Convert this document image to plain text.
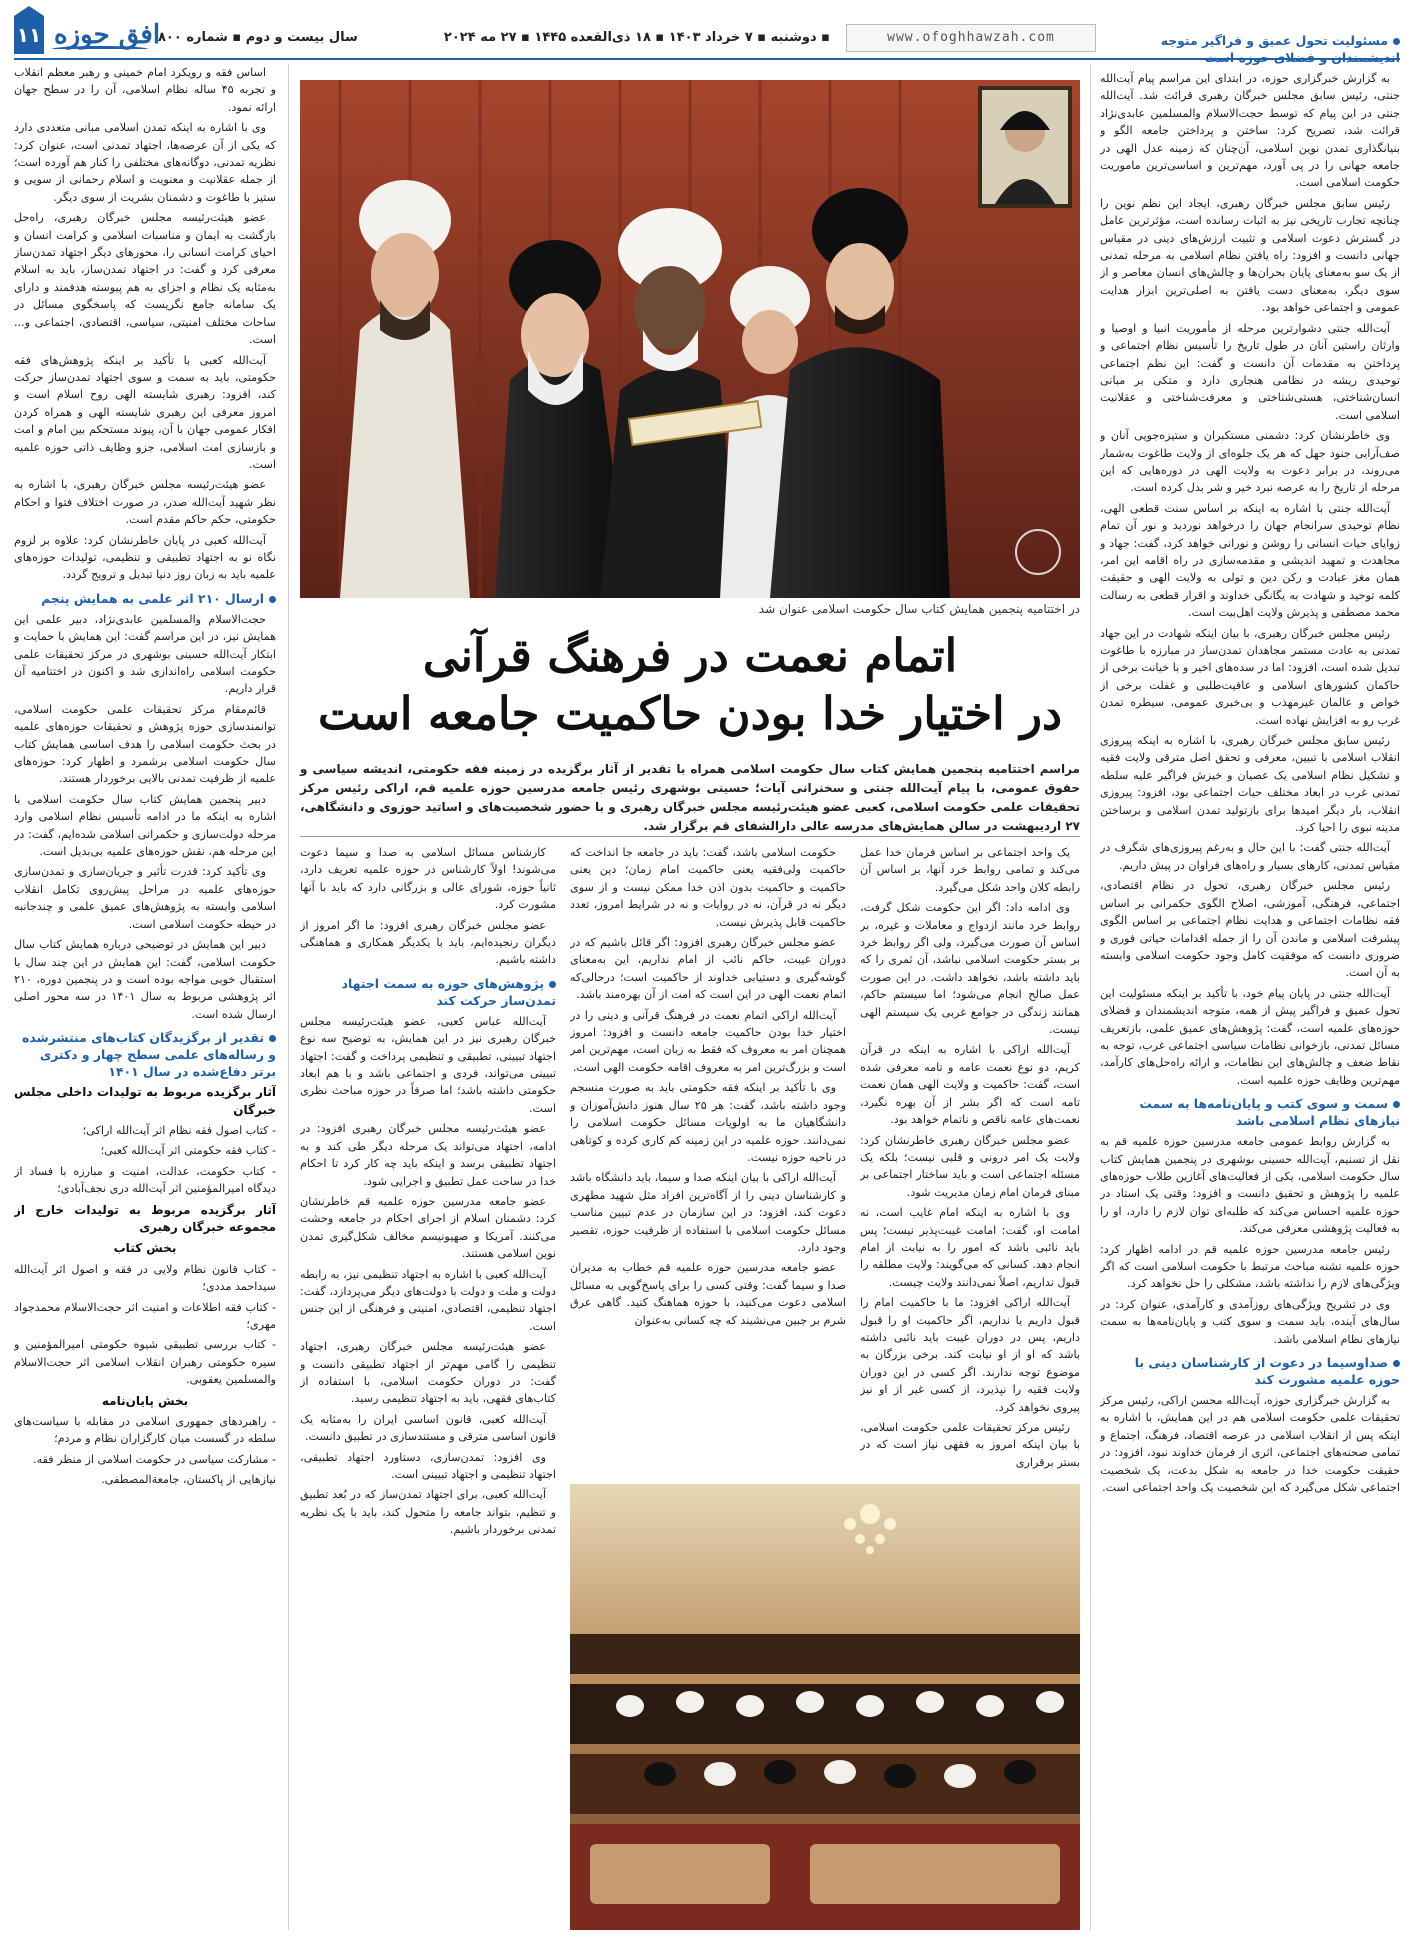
۱۱ افق حوزه
سال بیست و دوم ▪ شماره ۸۰۰	▪ دوشنبه ▪ ۷ خرداد ۱۴۰۳ ▪ ۱۸ ذی‌القعده ۱۴۴۵ ▪ ۲۷ مه ۲۰۲۴	www.ofoghhawzah.com	مسئولیت تحول عمیق و فراگیر متوجه اندیشمندان و فضلای حوزه است

به گزارش خبرگزاری حوزه، در ابتدای این مراسم پیام آیت‌الله جنتی، رئیس سابق مجلس خبرگان رهبری قرائت شد. آیت‌الله جنتی در این پیام که توسط حجت‌الاسلام والمسلمین عابدی‌نژاد قرائت شد، تصریح کرد: ساختن و پرداختن جامعه الگو و بنیانگذاری تمدن نوین اسلامی، آن‌چنان که زمینه عدل الهی در جامعه جهانی را در پی آورد، مهم‌ترین و اساسی‌ترین ماموریت حکومت اسلامی است.

رئیس سابق مجلس خبرگان رهبری، ایجاد این نظم نوین را چنانچه تجارب تاریخی نیز به اثبات رسانده است، مؤثرترین عامل در گسترش دعوت اسلامی و تثبیت ارزش‌های دینی در مقیاس جهانی دانست و افزود: راه یافتن نظام اسلامی به مرحله تمدنی از یک سو به‌معنای پایان بحران‌ها و چالش‌های انسان معاصر و از سوی دیگر، به‌معنای دست یافتن به اصلی‌ترین ابزار هدایت عمومی و اجتماعی خواهد بود.

آیت‌الله جنتی دشوارترین مرحله از مأموریت انبیا و اوصیا و وارثان راستین آنان در طول تاریخ را تأسیس نظام اجتماعی و پرداختن به مقدمات آن دانست و گفت: این نظم اجتماعی توحیدی ریشه در نظامی هنجاری دارد و متکی بر مبانی انسان‌شناختی، هستی‌شناختی و معرفت‌شناختی و عقلانیت اسلامی است.

وی خاطرنشان کرد: دشمنی مستکبران و ستیزه‌جویی آنان و صف‌آرایی جنود جهل که هر یک جلوه‌ای از ولایت طاغوت به‌شمار می‌روند، در برابر دعوت به ولایت الهی در دوره‌هایی که این مرحله از تاریخ را به عرصه نبرد خیر و شر بدل کرده است.

آیت‌الله جنتی با اشاره به اینکه بر اساس سنت قطعی الهی، نظام توحیدی سرانجام جهان را درخواهد نوردید و نور آن تمام زوایای حیات انسانی را روشن و نورانی خواهد کرد، گفت: جهاد و مجاهدت و تمهید اندیشی و مقدمه‌سازی در راه اقامه این امر، همان مغز عبادت و رکن دین و تولی به ولایت الهی و حقیقت کلمه توحید و شهادت به یگانگی خداوند و اقرار قطعی به رسالت محمد مصطفی و پذیرش ولایت اهل‌بیت است.

رئیس مجلس خبرگان رهبری، با بیان اینکه شهادت در این جهاد تمدنی به عادت مستمر مجاهدان تمدن‌ساز در مبارزه با طاغوت تبدیل شده است، افزود: اما در سده‌های اخیر و با خیانت برخی از حاکمان کشورهای اسلامی و عافیت‌طلبی و غفلت برخی از خواص و عالمان غیرمهذب و بی‌خبری عمومی، سیطره تمدن غرب رو به افزایش نهاده است.

رئیس سابق مجلس خبرگان رهبری، با اشاره به اینکه پیروزی انقلاب اسلامی با تبیین، معرفی و تحقق اصل مترقی ولایت فقیه و تشکیل نظام اسلامی یک عصیان و خیزش فراگیر علیه سلطه تمدنی غرب در ابعاد مختلف حیات اجتماعی بود، افزود: پیروزی انقلاب، بار دیگر امیدها برای بازتولید تمدن اسلامی و برساختن مدینه نبوی را احیا کرد.

آیت‌الله جنتی گفت: با این حال و به‌رغم پیروزی‌های شگرف در مقیاس تمدنی، کارهای بسیار و راه‌های فراوان در پیش داریم.

رئیس مجلس خبرگان رهبری، تحول در نظام اقتصادی، اجتماعی، فرهنگی، آموزشی، اصلاح الگوی حکمرانی بر اساس فقه نظامات اجتماعی و هدایت نظام اجتماعی بر اساس الگوی پیشرفت اسلامی و ماندن آن را از جمله اقدامات حیاتی فوری و ضروری دانست که موفقیت کامل وجود حکومت اسلامی وابسته به آن است.

آیت‌الله جنتی در پایان پیام خود، با تأکید بر اینکه مسئولیت این تحول عمیق و فراگیر پیش از همه، متوجه اندیشمندان و فضلای حوزه‌های علمیه است، گفت: پژوهش‌های عمیق علمی، بازتعریف مسائل تمدنی، بازخوانی نظامات سیاسی اجتماعی غرب، توجه به نقاط ضعف و چالش‌های این نظامات، و ارائه راه‌حل‌های کارآمد، مهم‌ترین وظایف حوزه علمیه است.

سمت و سوی کتب و پایان‌نامه‌ها به سمت نیازهای نظام اسلامی باشد

به گزارش روابط عمومی جامعه مدرسین حوزه علمیه قم به نقل از تسنیم، آیت‌الله حسینی بوشهری در پنجمین همایش کتاب سال حکومت اسلامی، یکی از فعالیت‌های آغازین طلاب حوزه‌های علمیه را پژوهش و تحقیق دانست و افزود: وقتی یک استاد در حوزه علمیه احساس می‌کند که طلبه‌ای توان لازم را دارد، او را به فعالیت پژوهشی معرفی می‌کند.

رئیس جامعه مدرسین حوزه علمیه قم در ادامه اظهار کرد: حوزه علمیه تشنه مباحث مرتبط با حکومت اسلامی است که اگر ویژگی‌های لازم را نداشته باشد، مشکلی را حل نخواهد کرد.

وی در تشریح ویژگی‌های روزآمدی و کارآمدی، عنوان کرد: در سال‌های آینده، باید سمت و سوی کتب و پایان‌نامه‌ها به سمت نیازهای نظام اسلامی باشد.

صداوسیما در دعوت از کارشناسان دینی با حوزه علمیه مشورت کند

به گزارش خبرگزاری حوزه، آیت‌الله محسن اراکی، رئیس مرکز تحقیقات علمی حکومت اسلامی هم در این همایش، با اشاره به اینکه پس از انقلاب اسلامی در عرصه اقتصاد، فرهنگ، اجتماع و تمامی صحنه‌های اجتماعی، اثری از فرمان خداوند نبود، افزود: در حقیقت حکومت خدا در جامعه به شکل بدعت، یک شخصیت اجتماعی شکل می‌گیرد که این شخصیت یک واحد اجتماعی است.

اساس فقه و رویکرد امام خمینی و رهبر معظم انقلاب و تجربه ۴۵ ساله نظام اسلامی، آن را در سطح جهان ارائه نمود.

وی با اشاره به اینکه تمدن اسلامی مبانی متعددی دارد که یکی از آن عرصه‌ها، اجتهاد تمدنی است، عنوان کرد: نظریه تمدنی، دوگانه‌های مختلفی را کنار هم آورده است؛ از جمله عقلانیت و معنویت و اسلام رحمانی از سویی و ستیز با طاغوت و دشمنان بشریت از سوی دیگر.

عضو هیئت‌رئیسه مجلس خبرگان رهبری، راه‌حل بازگشت به ایمان و مناسبات اسلامی و کرامت انسان و احیای کرامت انسانی را، محورهای دیگر اجتهاد تمدن‌ساز معرفی کرد و گفت: در اجتهاد تمدن‌ساز، باید به اسلام به‌مثابه یک نظام و اجزای به هم پیوسته هدفمند و دارای یک سامانه جامع نگریست که پاسخگوی مسائل در ساحات مختلف امنیتی، سیاسی، اقتصادی، اجتماعی و... است.

آیت‌الله کعبی با تأکید بر اینکه پژوهش‌های فقه حکومتی، باید به سمت و سوی اجتهاد تمدن‌ساز حرکت کند، افزود: رهبری شایسته الهی روح اسلام است و امروز معرفی این رهبری شایسته الهی و همراه کردن افکار عمومی جهان با آن، پیوند مستحکم بین امام و امت و بازسازی امت اسلامی، جزو وظایف ذاتی حوزه علمیه است.

عضو هیئت‌رئیسه مجلس خبرگان رهبری، با اشاره به نظر شهید آیت‌الله صدر، در صورت اختلاف فتوا و احکام حکومتی، حکم حاکم مقدم است.

آیت‌الله کعبی در پایان خاطرنشان کرد: علاوه بر لزوم نگاه نو به اجتهاد تطبیقی و تنظیمی، تولیدات حوزه‌های علمیه باید به زبان روز دنیا تبدیل و ترویج گردد.

ارسال ۲۱۰ اثر علمی به همایش پنجم

حجت‌الاسلام والمسلمین عابدی‌نژاد، دبیر علمی این همایش نیز، در این مراسم گفت: این همایش با حمایت و ابتکار آیت‌الله حسینی بوشهری در مرکز تحقیقات علمی حکومت اسلامی راه‌اندازی شد و اکنون در اختتامیه آن قرار داریم.

قائم‌مقام مرکز تحقیقات علمی حکومت اسلامی، توانمندسازی حوزه پژوهش و تحقیقات حوزه‌های علمیه در بحث حکومت اسلامی را هدف اساسی همایش کتاب سال حکومت اسلامی برشمرد و اظهار کرد: حوزه‌های علمیه از ظرفیت تمدنی بالایی برخوردار هستند.

دبیر پنجمین همایش کتاب سال حکومت اسلامی با اشاره به اینکه ما در ادامه تأسیس نظام اسلامی وارد مرحله دولت‌سازی و حکمرانی اسلامی شده‌ایم، گفت: در این مرحله هم، نقش حوزه‌های علمیه بی‌بدیل است.

وی تأکید کرد: قدرت تأثیر و جریان‌سازی و تمدن‌سازی حوزه‌های علمیه در مراحل پیش‌روی تکامل انقلاب اسلامی وابسته به پژوهش‌های عمیق علمی و چندجانبه در حیطه حکومت اسلامی است.

دبیر این همایش در توضیحی درباره همایش کتاب سال حکومت اسلامی، گفت: این همایش در این چند سال با استقبال خوبی مواجه بوده است و در پنجمین دوره، ۲۱۰ اثر پژوهشی مربوط به سال ۱۴۰۱ در سه محور اصلی ارسال شده است.

تقدیر از برگزیدگان کتاب‌های منتشرشده و رساله‌های علمی سطح چهار و دکتری برتر دفاع‌شده در سال ۱۴۰۱
آثار برگزیده مربوط به تولیدات داخلی مجلس خبرگان

- کتاب اصول فقه نظام اثر آیت‌الله اراکی؛

- کتاب فقه حکومتی اثر آیت‌الله کعبی؛

- کتاب حکومت، عدالت، امنیت و مبارزه با فساد از دیدگاه امیرالمؤمنین اثر آیت‌الله دری نجف‌آبادی؛

آثار برگزیده مربوط به تولیدات خارج از مجموعه خبرگان رهبری
بخش کتاب

- کتاب قانون نظام ولایی در فقه و اصول اثر آیت‌الله سیداحمد مددی؛

- کتاب فقه اطلاعات و امنیت اثر حجت‌الاسلام محمدجواد مهری؛

- کتاب بررسی تطبیقی شیوه حکومتی امیرالمؤمنین و سیره حکومتی رهبران انقلاب اسلامی اثر حجت‌الاسلام والمسلمین یعقوبی.

بخش پایان‌نامه

- راهبردهای جمهوری اسلامی در مقابله با سیاست‌های سلطه در گسست میان کارگزاران نظام و مردم؛

- مشارکت سیاسی در حکومت اسلامی از منظر فقه.

نیازهایی از پاکستان، جامعة‌المصطفی.

در اختتامیه پنجمین همایش کتاب سال حکومت اسلامی عنوان شد
اتمام نعمت در فرهنگ قرآنی
در اختیار خدا بودن حاکمیت جامعه است
مراسم اختتامیه پنجمین همایش کتاب سال حکومت اسلامی همراه با تقدیر از آثار برگزیده در زمینه فقه حکومتی، اندیشه سیاسی و حقوق عمومی، با پیام آیت‌الله جنتی و سخنرانی آیات؛ حسینی بوشهری رئیس جامعه مدرسین حوزه علمیه قم، اراکی رئیس مرکز تحقیقات علمی حکومت اسلامی، کعبی عضو هیئت‌رئیسه مجلس خبرگان رهبری و با حضور شخصیت‌های و اساتید حوزوی و دانشگاهی، ۲۷ اردیبهشت در سالن همایش‌های مدرسه عالی دارالشفای قم برگزار شد.

یک واحد اجتماعی بر اساس فرمان خدا عمل می‌کند و تمامی روابط خرد آنها، بر اساس آن رابطه کلان واحد شکل می‌گیرد.

وی ادامه داد: اگر این حکومت شکل گرفت، روابط خرد مانند ازدواج و معاملات و غیره، بر اساس آن صورت می‌گیرد، ولی اگر روابط خرد بر بستر حکومت اسلامی نباشد، آن ثمری را که باید داشته باشد، نخواهد داشت. در این صورت عمل صالح انجام می‌شود؛ اما سیستم حاکم، همانند زندگی در جوامع غربی یک سیستم الهی نیست.

آیت‌الله اراکی با اشاره به اینکه در قرآن کریم، دو نوع نعمت عامه و تامه معرفی شده است، گفت: حاکمیت و ولایت الهی همان نعمت تامه است که اگر بشر از آن بهره نگیرد، نعمت‌های عامه ناقص و ناتمام خواهد بود.

عضو مجلس خبرگان رهبری خاطرنشان کرد: ولایت یک امر درونی و قلبی نیست؛ بلکه یک مسئله اجتماعی است و باید ساختار اجتماعی بر مبنای فرمان امام زمان مدیریت شود.

وی با اشاره به اینکه امام غایب است، نه امامت او، گفت: امامت غیبت‌پذیر نیست؛ پس باید نائبی باشد که امور را به نیابت از امام انجام دهد. کسانی که می‌گویند: ولایت مطلقه را قبول نداریم، اصلاً نمی‌دانند ولایت چیست.

آیت‌الله اراکی افزود: ما با حاکمیت امام را قبول داریم یا نداریم، اگر حاکمیت او را قبول داریم، پس در دوران غیبت باید نائبی داشته باشد که او از او نیابت کند. برخی بزرگان به موضوع توجه ندارند. اگر کسی در این دوران ولایت فقیه را نپذیرد، از کسی غیر از او نیز پیروی نخواهد کرد.

رئیس مرکز تحقیقات علمی حکومت اسلامی، با بیان اینکه امروز به فقهی نیاز است که در بستر برقراری

حکومت اسلامی باشد، گفت: باید در جامعه جا انداخت که حاکمیت ولی‌فقیه یعنی حاکمیت امام زمان؛ دین یعنی حاکمیت و حاکمیت بدون اذن خدا ممکن نیست و از سوی دیگر نه در قرآن، نه در روایات و نه در شرایط امروز، تعدد حاکمیت قابل پذیرش نیست.

عضو مجلس خبرگان رهبری افزود: اگر قائل باشیم که در دوران غیبت، حاکم نائب از امام نداریم، این به‌معنای گوشه‌گیری و دستیابی خداوند از حاکمیت است؛ درحالی‌که اتمام نعمت الهی در این است که امت از آن بهره‌مند باشد.

آیت‌الله اراکی اتمام نعمت در فرهنگ قرآنی و دینی را در اختیار خدا بودن حاکمیت جامعه دانست و افزود: امروز همچنان امر به معروف که فقط به زبان است، مهم‌ترین امر است و بزرگ‌ترین امر به معروف اقامه حکومت الهی است.

وی با تأکید بر اینکه فقه حکومتی باید به صورت منسجم وجود داشته باشد، گفت: هر ۲۵ سال هنوز دانش‌آموزان و دانشگاهیان ما به اولویات مسائل حکومت اسلامی را نمی‌دانند. حوزه علمیه در این زمینه کم کاری کرده و کوتاهی در ناحیه حوزه نیست.

آیت‌الله اراکی با بیان اینکه صدا و سیما، باید دانشگاه باشد و کارشناسان دینی را از آگاه‌ترین افراد مثل شهید مطهری دعوت کند، افزود: در این سازمان در عدم تبیین مناسب مسائل حکومت اسلامی با استفاده از ظرفیت حوزه، تقصیر وجود دارد.

عضو جامعه مدرسین حوزه علمیه قم خطاب به مدیران صدا و سیما گفت: وقتی کسی را برای پاسخ‌گویی به مسائل اسلامی دعوت می‌کنید، با حوزه هماهنگ کنید. گاهی عرق شرم بر جبین می‌نشیند که چه کسانی به‌عنوان

کارشناس مسائل اسلامی به صدا و سیما دعوت می‌شوند! اولاً کارشناس در حوزه علمیه تعریف دارد، ثانیاً حوزه، شورای عالی و بزرگانی دارد که باید با آنها مشورت کرد.

عضو مجلس خبرگان رهبری افزود: ما اگر امروز از دیگران رنجیده‌ایم، باید با یکدیگر همکاری و هماهنگی داشته باشیم.

پژوهش‌های حوزه به سمت اجتهاد تمدن‌ساز حرکت کند

آیت‌الله عباس کعبی، عضو هیئت‌رئیسه مجلس خبرگان رهبری نیز در این همایش، به توضیح سه نوع اجتهاد تبیینی، تطبیقی و تنظیمی پرداخت و گفت: اجتهاد تبیینی می‌تواند، فردی و اجتماعی باشد و با هم ابعاد حکومتی داشته باشد؛ اما صرفاً در حوزه مباحث نظری است.

عضو هیئت‌رئیسه مجلس خبرگان رهبری افزود: در ادامه، اجتهاد می‌تواند یک مرحله دیگر طی کند و به اجتهاد تطبیقی برسد و اینکه باید چه کار کرد تا احکام خدا در ساحت عمل تطبیق و اجرایی شود.

عضو جامعه مدرسین حوزه علمیه قم خاطرنشان کرد: دشمنان اسلام از اجرای احکام در جامعه وحشت می‌کنند. آمریکا و صهیونیسم مخالف شکل‌گیری تمدن نوین اسلامی هستند.

آیت‌الله کعبی با اشاره به اجتهاد تنظیمی نیز، به رابطه دولت و ملت و دولت با دولت‌های دیگر می‌پردازد، گفت: اجتهاد تنظیمی، اقتصادی، امنیتی و فرهنگی از این جنس است.

عضو هیئت‌رئیسه مجلس خبرگان رهبری، اجتهاد تنظیمی را گامی مهم‌تر از اجتهاد تطبیقی دانست و گفت: در دوران حکومت اسلامی، با استفاده از کتاب‌های فقهی، باید به اجتهاد تنظیمی رسید.

آیت‌الله کعبی، قانون اساسی ایران را به‌مثابه یک قانون اساسی مترقی و مستندسازی در تطبیق دانست.

وی افزود: تمدن‌سازی، دستاورد اجتهاد تطبیقی، اجتهاد تنظیمی و اجتهاد تبیینی است.

آیت‌الله کعبی، برای اجتهاد تمدن‌ساز که در بُعد تطبیق و تنظیم، بتواند جامعه را متحول کند، باید با یک نظریه تمدنی برخوردار باشیم.
